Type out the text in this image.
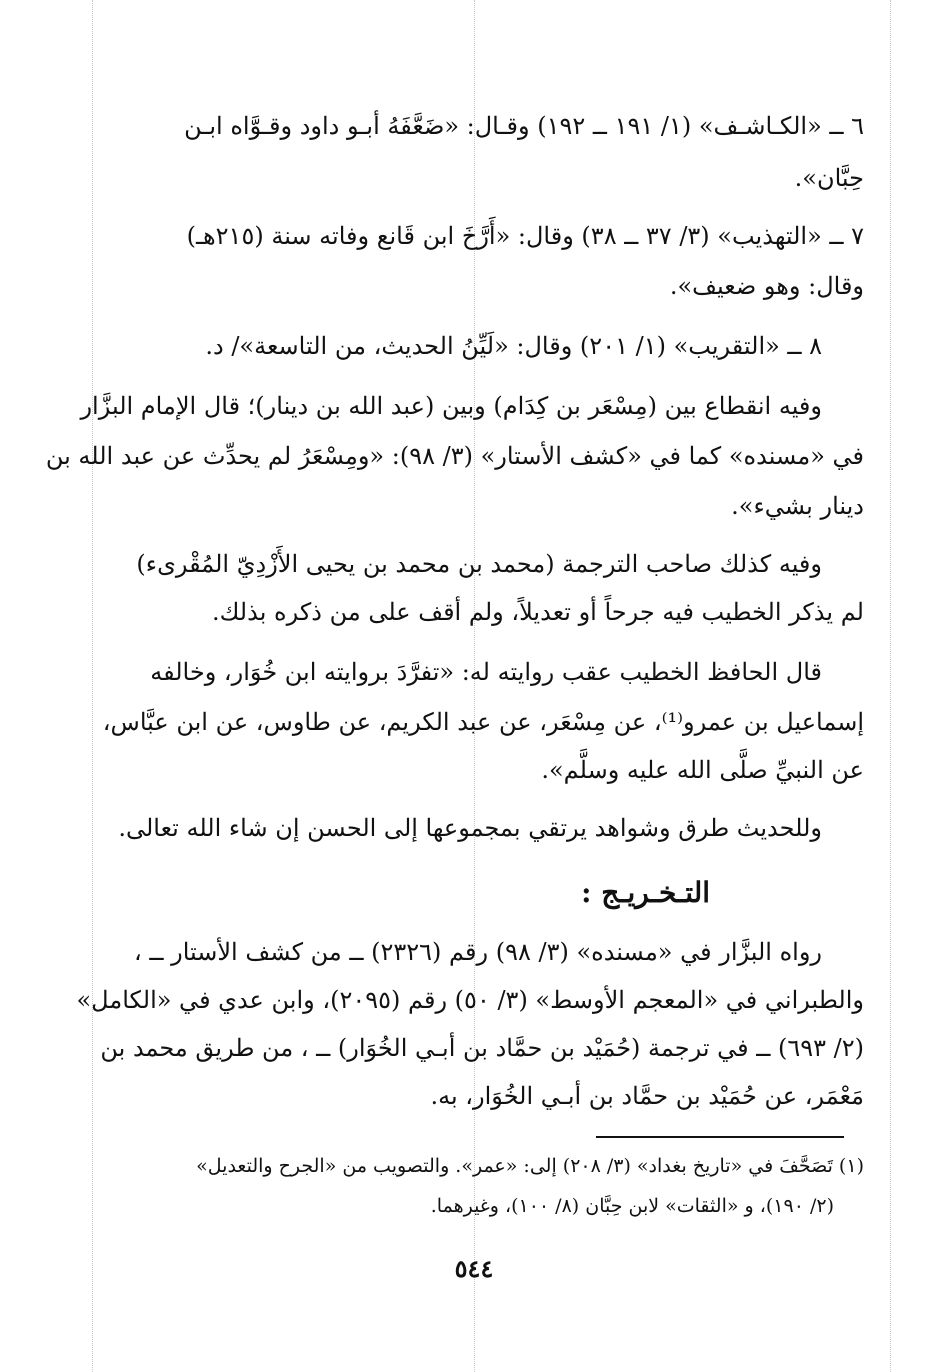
٦ ــ «الكـاشـف» (١/ ١٩١ ــ ١٩٢) وقـال: «ضَعَّفَهُ أبـو داود وقـوَّاه ابـن
حِبَّان».
٧ ــ «التهذيب» (٣/ ٣٧ ــ ٣٨) وقال: «أَرَّخَ ابن قَانع وفاته سنة (٢١٥هـ)
وقال: وهو ضعيف».
٨ ــ «التقريب» (١/ ٢٠١) وقال: «لَيِّنُ الحديث، من التاسعة»/ د.
وفيه انقطاع بين (مِسْعَر بن كِدَام) وبين (عبد الله بن دينار)؛ قال الإمام البزَّار
في «مسنده» كما في «كشف الأستار» (٣/ ٩٨): «ومِسْعَرُ لم يحدِّث عن عبد الله بن
دينار بشيء».
وفيه كذلك صاحب الترجمة (محمد بن محمد بن يحيى الأَزْدِيّ المُقْرىء)
لم يذكر الخطيب فيه جرحاً أو تعديلاً، ولم أقف على من ذكره بذلك.
قال الحافظ الخطيب عقب روايته له: «تفرَّدَ بروايته ابن خُوَار، وخالفه
إسماعيل بن عمرو⁽¹⁾، عن مِسْعَر، عن عبد الكريم، عن طاوس، عن ابن عبَّاس،
عن النبيِّ صلَّى الله عليه وسلَّم».
وللحديث طرق وشواهد يرتقي بمجموعها إلى الحسن إن شاء الله تعالى.
التـخـريـج :
رواه البزَّار في «مسنده» (٣/ ٩٨) رقم (٢٣٢٦) ــ من كشف الأستار ــ ،
والطبراني في «المعجم الأوسط» (٣/ ٥٠) رقم (٢٠٩٥)، وابن عدي في «الكامل»
(٢/ ٦٩٣) ــ في ترجمة (حُمَيْد بن حمَّاد بن أبـي الخُوَار) ــ ، من طريق محمد بن
مَعْمَر، عن حُمَيْد بن حمَّاد بن أبـي الخُوَار، به.
(١) تَصَحَّفَ في «تاريخ بغداد» (٣/ ٢٠٨) إلى: «عمر». والتصويب من «الجرح والتعديل»
(٢/ ١٩٠)، و «الثقات» لابن حِبَّان (٨/ ١٠٠)، وغيرهما.
٥٤٤
